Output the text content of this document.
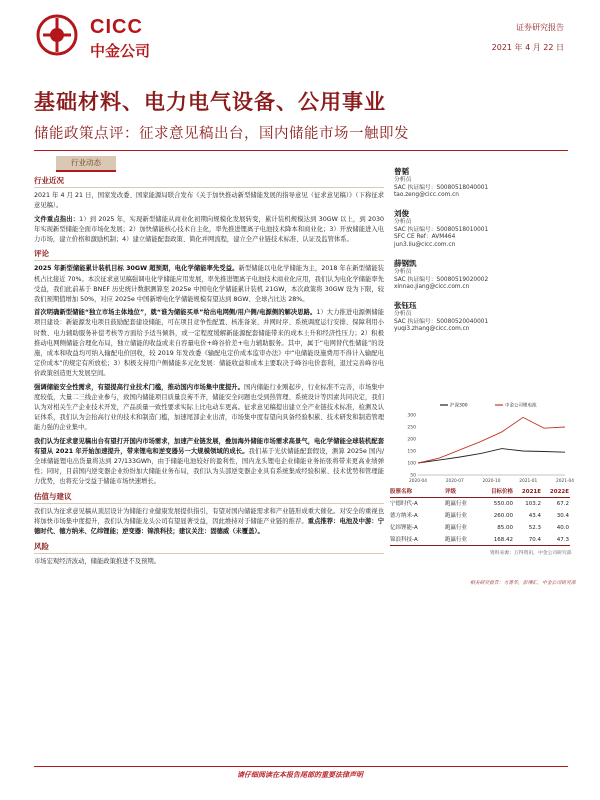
CICC
中金公司
证券研究报告
2021 年 4 月 22 日
基础材料、电力电气设备、公用事业
储能政策点评：征求意见稿出台，国内储能市场一触即发
行业动态
行业近况

2021 年 4 月 21 日，国家发改委、国家能源局联合发布《关于加快推动新型储能发展的指导意见（征求意见稿）》（下称征求意见稿）。

文件重点指出：1）到 2025 年，实现新型储能从商业化初期向规模化发展转变，累计装机规模达到 30GW 以上，到 2030 年实现新型储能全面市场化发展；2）加快储能核心技术自主化，率先推进锂离子电池技术降本和商业化；3）开放储能进入电力市场，建立价格和激励机制；4）建立储能配套政策、简化并网流程，建立全产业链技术标准、认证及监管体系。

评论

2025 年新型储能累计装机目标 30GW 超预期，电化学储能率先受益。新型储能以电化学储能为主，2018 年在新型储能装机占比接近 70%。本次征求意见稿强调电化学储能应用发展，率先推进锂离子电池技术商业化应用，我们认为电化学储能率先受益，我们此前基于 BNEF 历史统计数据测算至 2025e 中国电化学储能累计装机 21GW，本次政策将 30GW 设为下限，较我们预期值增加 50%，对应 2025e 中国新增电化学储能规模有望达到 8GW、全球占比达 28%。

首次明确新型储能“独立市场主体地位”，就“谁为储能买单”给出电网侧/用户侧/电源侧的解决思路。1）大力推进电源侧储能项目建设：新能源发电项目鼓励配套建设储能，可在项目竞争性配置、核准备案、并网时序、系统调度运行安排、保障利用小时数、电力辅助服务补偿考核等方面给予适当倾斜，或一定程度缓解新能源配套储能带来的成本上升和经济性压力；2）积极推动电网侧储能合理化布局，独立储能的收益或来自容量电价+峰谷价差+电力辅助服务。其中，属于“电网替代性储能”的设施，成本和收益均可纳入输配电价回收，较 2019 年发改委《输配电定价成本监审办法》中“电储能设施费用不得计入输配电定价成本”的规定有所放松；3）积极支持用户侧储能多元化发展：储能收益和成本主要取决于峰谷电价套利，退过完善峰谷电价政策创造更大发展空间。

强调储能安全性需求，有望提高行业技术门槛，推动国内市场集中度提升。国内储能行业刚起步，行业标准不完善，市场集中度较低，大量二三线企业参与，致国内储能项目质量良莠不齐，储能安全问题也受到热管理、系统设计等因素共同决定，我们认为对相关生产企业技术开发，产品质量一致性要求实际上比电动车更高。征求意见稿提出建立全产业链技术标准，检测及认证体系，我们认为会抬高行业的技术和制造门槛，加速尾部企业出清，市场集中度有望向具备经验积累、技术研发和制造管理能力强的企业集中。

我们认为征求意见稿出台有望打开国内市场需求，加速产业链发展，叠加海外储能市场需求高景气，电化学储能全球装机配套有望从 2021 年开始加速提升，带来锂电和逆变器另一大规模领域的成长。我们基于光伏储能配套假设，测算 2025e 国内/全球储能锂电出货量将达到 27/133GWh，由于储能电池较好的盈利性，国内龙头锂电企业储能业务拓张将带来更高业绩弹性；同时，目前国内逆变器企业纷纷加大储能业务布局，我们认为头部逆变器企业具有系统集成经验积累、技术优势和管理能力优势，也将充分受益于储能市场快速增长。

估值与建议

我们认为征求意见稿从顶层设计为储能行业健康发展提供指引，有望对国内储能需求和产业链形成重大催化。对安全的重视也将加快市场集中度提升，我们认为储能龙头公司有望显著受益，因此维持对于储能产业链的推荐。重点推荐：电池及中游：宁德时代、德方纳米、亿纬锂能；逆变器：锦浪科技；建议关注：固德威（未覆盖）。

风险

市场宏观经济波动，储能政策推进不及预期。

曾韬
分析员
SAC 执证编号：S0080518040001
tao.zeng@cicc.com.cn
刘俊
分析员
SAC 执证编号：S0080518010001
SFC CE Ref：AVM464
jun3.liu@cicc.com.cn
薛钢凯
分析员
SAC 执证编号：S0080519020002
xinnao.jiang@cicc.com.cn
张钰珏
分析员
SAC 执证编号：S0080520040001
yuqi3.zhang@cicc.com.cn
300
250
200
150
100
50
2020-04	2020-07	2020-10	2021-01	2021-04
沪深300	中金公司锂电池
股票名称	评级	目标价格	2021E	2022E
宁德时代-A	跑赢行业	550.00	103.2	67.2
德方纳米-A	跑赢行业	260.00	43.4	30.4
亿纬锂能-A	跑赢行业	85.00	52.3	40.0
锦浪科技-A	跑赢行业	168.42	70.4	47.3
资料来源：万得资讯，中金公司研究部
相关研究报告：方菁华，彭博汇，中金公司研究部
请仔细阅读在本报告尾部的重要法律声明
